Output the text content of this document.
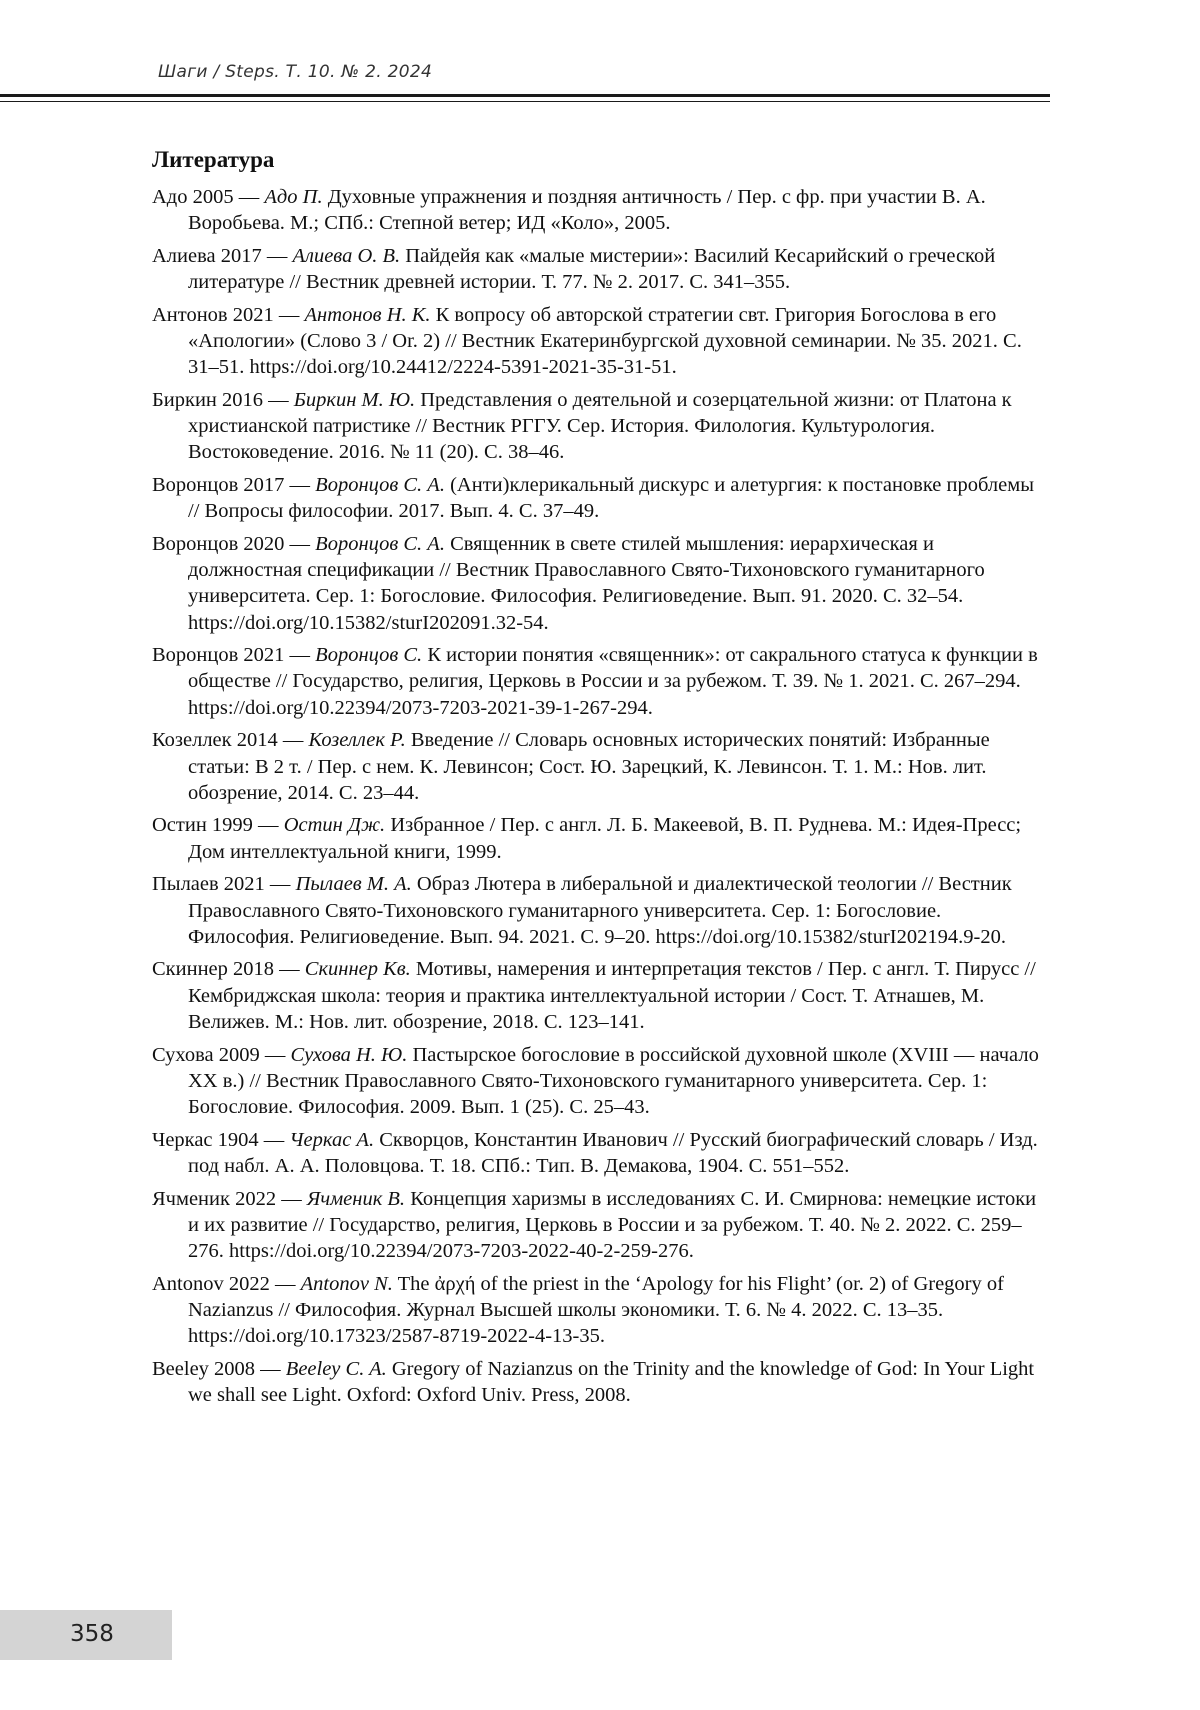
Шаги / Steps. Т. 10. № 2. 2024
Литература
Адо 2005 — Адо П. Духовные упражнения и поздняя античность / Пер. с фр. при участии В. А. Воробьева. М.; СПб.: Степной ветер; ИД «Коло», 2005.
Алиева 2017 — Алиева О. В. Пайдейя как «малые мистерии»: Василий Кесарийский о греческой литературе // Вестник древней истории. Т. 77. № 2. 2017. С. 341–355.
Антонов 2021 — Антонов Н. К. К вопросу об авторской стратегии свт. Григория Богослова в его «Апологии» (Слово 3 / Or. 2) // Вестник Екатеринбургской духовной семинарии. № 35. 2021. С. 31–51. https://doi.org/10.24412/2224-5391-2021-35-31-51.
Биркин 2016 — Биркин М. Ю. Представления о деятельной и созерцательной жизни: от Платона к христианской патристике // Вестник РГГУ. Сер. История. Филология. Культурология. Востоковедение. 2016. № 11 (20). С. 38–46.
Воронцов 2017 — Воронцов С. А. (Анти)клерикальный дискурс и алетургия: к постановке проблемы // Вопросы философии. 2017. Вып. 4. С. 37–49.
Воронцов 2020 — Воронцов С. А. Священник в свете стилей мышления: иерархическая и должностная спецификации // Вестник Православного Свято-Тихоновского гуманитарного университета. Сер. 1: Богословие. Философия. Религиоведение. Вып. 91. 2020. С. 32–54. https://doi.org/10.15382/sturI202091.32-54.
Воронцов 2021 — Воронцов С. К истории понятия «священник»: от сакрального статуса к функции в обществе // Государство, религия, Церковь в России и за рубежом. Т. 39. № 1. 2021. С. 267–294. https://doi.org/10.22394/2073-7203-2021-39-1-267-294.
Козеллек 2014 — Козеллек Р. Введение // Словарь основных исторических понятий: Избранные статьи: В 2 т. / Пер. с нем. К. Левинсон; Сост. Ю. Зарецкий, К. Левинсон. Т. 1. М.: Нов. лит. обозрение, 2014. С. 23–44.
Остин 1999 — Остин Дж. Избранное / Пер. с англ. Л. Б. Макеевой, В. П. Руднева. М.: Идея-Пресс; Дом интеллектуальной книги, 1999.
Пылаев 2021 — Пылаев М. А. Образ Лютера в либеральной и диалектической теологии // Вестник Православного Свято-Тихоновского гуманитарного университета. Сер. 1: Богословие. Философия. Религиоведение. Вып. 94. 2021. С. 9–20. https://doi.org/10.15382/sturI202194.9-20.
Скиннер 2018 — Скиннер Кв. Мотивы, намерения и интерпретация текстов / Пер. с англ. Т. Пирусс // Кембриджская школа: теория и практика интеллектуальной истории / Сост. Т. Атнашев, М. Велижев. М.: Нов. лит. обозрение, 2018. С. 123–141.
Сухова 2009 — Сухова Н. Ю. Пастырское богословие в российской духовной школе (XVIII — начало XX в.) // Вестник Православного Свято-Тихоновского гуманитарного университета. Сер. 1: Богословие. Философия. 2009. Вып. 1 (25). С. 25–43.
Черкас 1904 — Черкас А. Скворцов, Константин Иванович // Русский биографический словарь / Изд. под набл. А. А. Половцова. Т. 18. СПб.: Тип. В. Демакова, 1904. С. 551–552.
Ячменик 2022 — Ячменик В. Концепция харизмы в исследованиях С. И. Смирнова: немецкие истоки и их развитие // Государство, религия, Церковь в России и за рубежом. Т. 40. № 2. 2022. С. 259–276. https://doi.org/10.22394/2073-7203-2022-40-2-259-276.
Antonov 2022 — Antonov N. The ἀρχή of the priest in the ‘Apology for his Flight’ (or. 2) of Gregory of Nazianzus // Философия. Журнал Высшей школы экономики. Т. 6. № 4. 2022. С. 13–35. https://doi.org/10.17323/2587-8719-2022-4-13-35.
Beeley 2008 — Beeley C. A. Gregory of Nazianzus on the Trinity and the knowledge of God: In Your Light we shall see Light. Oxford: Oxford Univ. Press, 2008.
358
